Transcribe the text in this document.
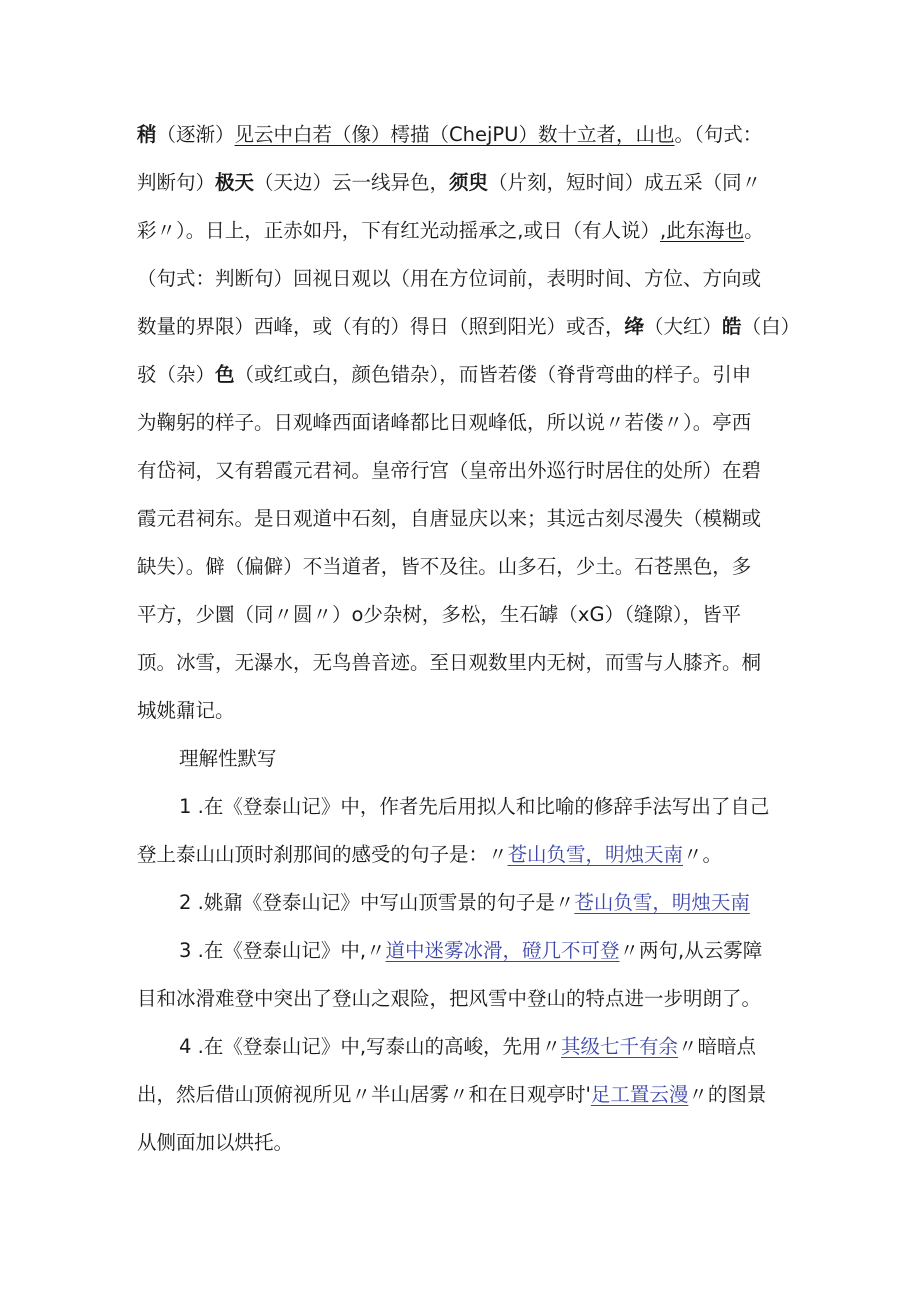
稍（逐渐）见云中白若（像）樗描（ChejPU）数十立者，山也。（句式：
判断句）极天（天边）云一线异色，须臾（片刻，短时间）成五采（同〃
彩〃）。日上，正赤如丹，下有红光动摇承之,或日（有人说）,此东海也。
（句式：判断句）回视日观以（用在方位词前，表明时间、方位、方向或
数量的界限）西峰，或（有的）得日（照到阳光）或否，绛（大红）皓（白）
驳（杂）色（或红或白，颜色错杂），而皆若偻（脊背弯曲的样子。引申
为鞠躬的样子。日观峰西面诸峰都比日观峰低，所以说〃若偻〃）。亭西
有岱祠，又有碧霞元君祠。皇帝行宫（皇帝出外巡行时居住的处所）在碧
霞元君祠东。是日观道中石刻，自唐显庆以来；其远古刻尽漫失（模糊或
缺失）。僻（偏僻）不当道者，皆不及往。山多石，少土。石苍黑色，多
平方，少圜（同〃圆〃）o少杂树，多松，生石罅（xG）（缝隙），皆平
顶。冰雪，无瀑水，无鸟兽音迹。至日观数里内无树，而雪与人膝齐。桐
城姚鼐记。
理解性默写
1 .在《登泰山记》中，作者先后用拟人和比喻的修辞手法写出了自己
登上泰山山顶时刹那间的感受的句子是：〃苍山负雪，明烛天南〃。
2 .姚鼐《登泰山记》中写山顶雪景的句子是〃苍山负雪，明烛天南
3 .在《登泰山记》中,〃道中迷雾冰滑，磴几不可登〃两句,从云雾障
目和冰滑难登中突出了登山之艰险，把风雪中登山的特点进一步明朗了。
4 .在《登泰山记》中,写泰山的高峻，先用〃其级七千有余〃暗暗点
出，然后借山顶俯视所见〃半山居雾〃和在日观亭时'足工置云漫〃的图景
从侧面加以烘托。
